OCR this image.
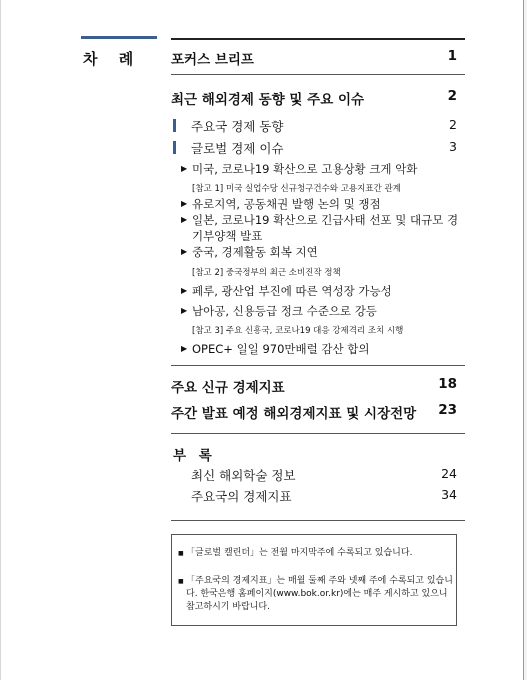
차 례 포커스 브리프	1
최근 해외경제 동향 및 주요 이슈	2
주요국 경제 동향	2
글로벌 경제 이슈	3
▶ 미국, 코로나19 확산으로 고용상황 크게 악화
[참고 1] 미국 실업수당 신규청구건수와 고용지표간 관계
▶ 유로지역, 공동채권 발행 논의 및 쟁점
▶ 일본, 코로나19 확산으로 긴급사태 선포 및 대규모 경기부양책 발표
▶ 중국, 경제활동 회복 지연
[참고 2] 중국정부의 최근 소비진작 정책
▶ 페루, 광산업 부진에 따른 역성장 가능성
▶ 남아공, 신용등급 정크 수준으로 강등
[참고 3] 주요 신흥국, 코로나19 대응 강제격리 조치 시행
▶ OPEC+ 일일 970만배럴 감산 합의
주요 신규 경제지표	18
주간 발표 예정 해외경제지표 및 시장전망 23
부 록
최신 해외학술 정보	24
주요국의 경제지표	34
■ 「글로벌 캘린더」는 전월 마지막주에 수록되고 있습니다.
■ 「주요국의 경제지표」는 매월 둘째 주와 넷째 주에 수록되고 있습니다. 한국은행 홈페이지(www.bok.or.kr)에는 매주 게시하고 있으니 참고하시기 바랍니다.
